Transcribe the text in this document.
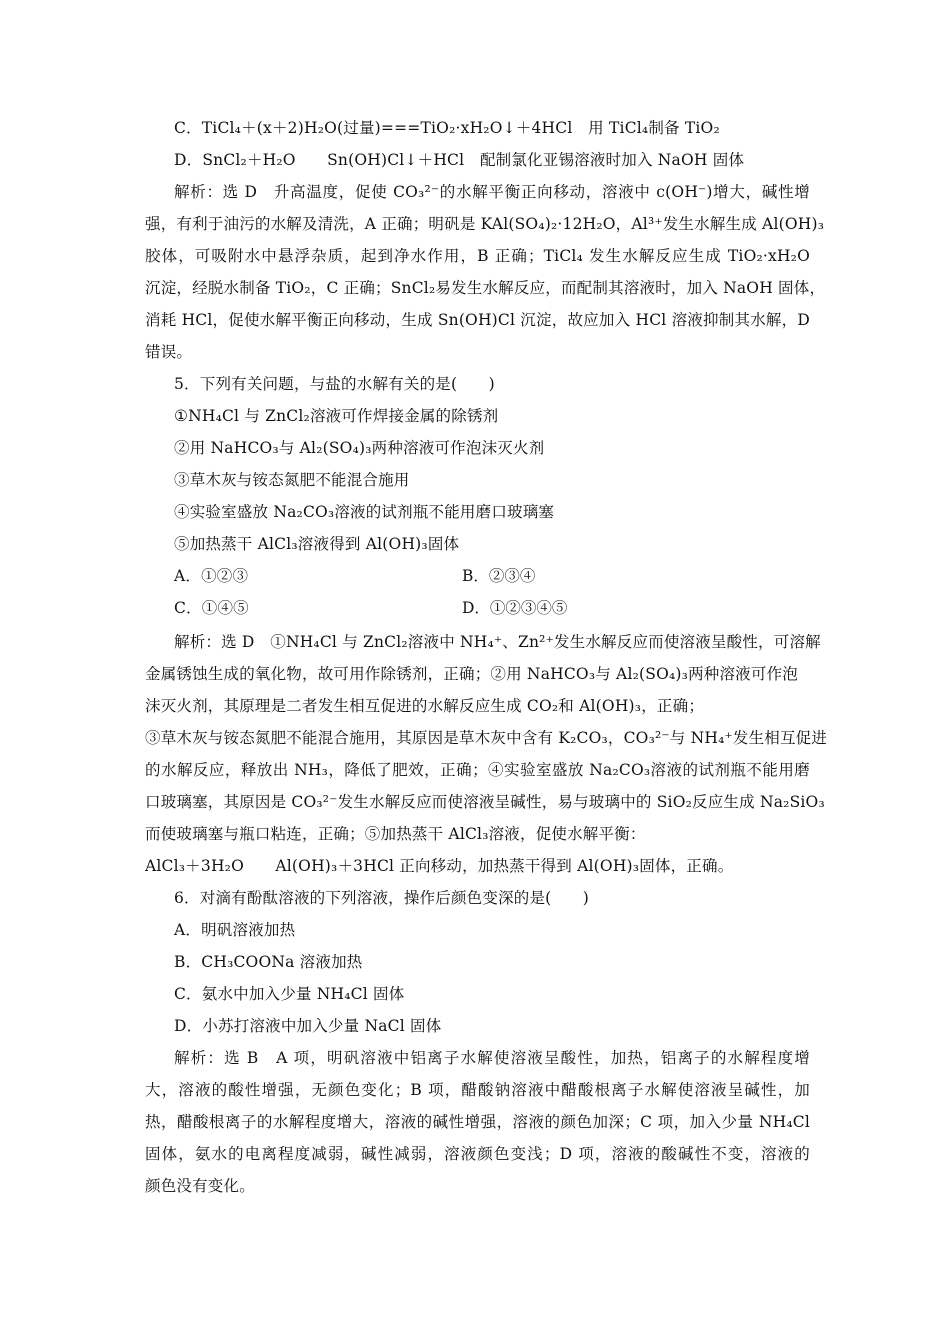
C．TiCl₄＋(x＋2)H₂O(过量)===TiO₂·xH₂O↓＋4HCl　用 TiCl₄制备 TiO₂
D．SnCl₂＋H₂O　　Sn(OH)Cl↓＋HCl　配制氯化亚锡溶液时加入 NaOH 固体
解析：选 D　升高温度，促使 CO₃²⁻的水解平衡正向移动，溶液中 c(OH⁻)增大，碱性增
强，有利于油污的水解及清洗，A 正确；明矾是 KAl(SO₄)₂·12H₂O，Al³⁺发生水解生成 Al(OH)₃
胶体，可吸附水中悬浮杂质，起到净水作用，B 正确；TiCl₄ 发生水解反应生成 TiO₂·xH₂O
沉淀，经脱水制备 TiO₂，C 正确；SnCl₂易发生水解反应，而配制其溶液时，加入 NaOH 固体，
消耗 HCl，促使水解平衡正向移动，生成 Sn(OH)Cl 沉淀，故应加入 HCl 溶液抑制其水解，D
错误。
5．下列有关问题，与盐的水解有关的是(　　)
①NH₄Cl 与 ZnCl₂溶液可作焊接金属的除锈剂
②用 NaHCO₃与 Al₂(SO₄)₃两种溶液可作泡沫灭火剂
③草木灰与铵态氮肥不能混合施用
④实验室盛放 Na₂CO₃溶液的试剂瓶不能用磨口玻璃塞
⑤加热蒸干 AlCl₃溶液得到 Al(OH)₃固体
解析：选 D　①NH₄Cl 与 ZnCl₂溶液中 NH₄⁺、Zn²⁺发生水解反应而使溶液呈酸性，可溶解
金属锈蚀生成的氧化物，故可用作除锈剂，正确；②用 NaHCO₃与 Al₂(SO₄)₃两种溶液可作泡
沫灭火剂，其原理是二者发生相互促进的水解反应生成 CO₂和 Al(OH)₃，正确；
③草木灰与铵态氮肥不能混合施用，其原因是草木灰中含有 K₂CO₃，CO₃²⁻与 NH₄⁺发生相互促进
的水解反应，释放出 NH₃，降低了肥效，正确；④实验室盛放 Na₂CO₃溶液的试剂瓶不能用磨
口玻璃塞，其原因是 CO₃²⁻发生水解反应而使溶液呈碱性，易与玻璃中的 SiO₂反应生成 Na₂SiO₃
而使玻璃塞与瓶口粘连，正确；⑤加热蒸干 AlCl₃溶液，促使水解平衡：
AlCl₃＋3H₂O　　Al(OH)₃＋3HCl 正向移动，加热蒸干得到 Al(OH)₃固体，正确。
6．对滴有酚酞溶液的下列溶液，操作后颜色变深的是(　　)
A．明矾溶液加热
B．CH₃COONa 溶液加热
C．氨水中加入少量 NH₄Cl 固体
D．小苏打溶液中加入少量 NaCl 固体
解析：选 B　A 项，明矾溶液中铝离子水解使溶液呈酸性，加热，铝离子的水解程度增
大，溶液的酸性增强，无颜色变化；B 项，醋酸钠溶液中醋酸根离子水解使溶液呈碱性，加
热，醋酸根离子的水解程度增大，溶液的碱性增强，溶液的颜色加深；C 项，加入少量 NH₄Cl
固体，氨水的电离程度减弱，碱性减弱，溶液颜色变浅；D 项，溶液的酸碱性不变，溶液的
颜色没有变化。
A．①②③	B．②③④
C．①④⑤	D．①②③④⑤
